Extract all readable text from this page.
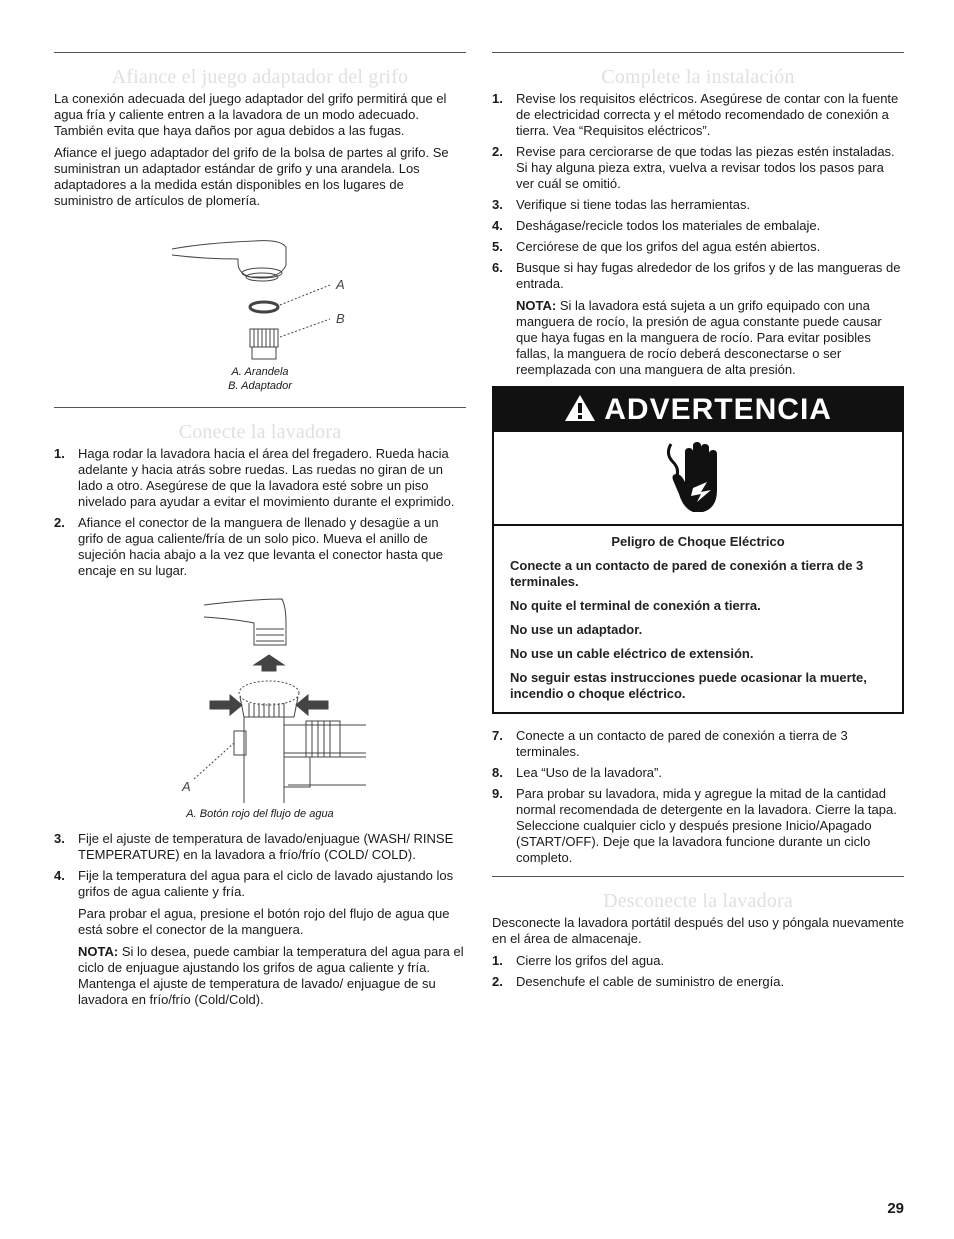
Afiance el juego adaptador del grifo

La conexión adecuada del juego adaptador del grifo permitirá que el agua fría y caliente entren a la lavadora de un modo adecuado. También evita que haya daños por agua debidos a las fugas.

Afiance el juego adaptador del grifo de la bolsa de partes al grifo. Se suministran un adaptador estándar de grifo y una arandela. Los adaptadores a la medida están disponibles en los lugares de suministro de artículos de plomería.

A
B

A. Arandela

B. Adaptador

Conecte la lavadora
1. Haga rodar la lavadora hacia el área del fregadero. Rueda hacia adelante y hacia atrás sobre ruedas. Las ruedas no giran de un lado a otro. Asegúrese de que la lavadora esté sobre un piso nivelado para ayudar a evitar el movimiento durante el exprimido.
2. Afiance el conector de la manguera de llenado y desagüe a un grifo de agua caliente/fría de un solo pico. Mueva el anillo de sujeción hacia abajo a la vez que levanta el conector hasta que encaje en su lugar.
A

A. Botón rojo del flujo de agua

3. Fije el ajuste de temperatura de lavado/enjuague (WASH/ RINSE TEMPERATURE) en la lavadora a frío/frío (COLD/ COLD).
4. Fije la temperatura del agua para el ciclo de lavado ajustando los grifos de agua caliente y fría.

Para probar el agua, presione el botón rojo del flujo de agua que está sobre el conector de la manguera.

NOTA: Si lo desea, puede cambiar la temperatura del agua para el ciclo de enjuague ajustando los grifos de agua caliente y fría. Mantenga el ajuste de temperatura de lavado/ enjuague de su lavadora en frío/frío (Cold/Cold).

Complete la instalación
1. Revise los requisitos eléctricos. Asegúrese de contar con la fuente de electricidad correcta y el método recomendado de conexión a tierra. Vea “Requisitos eléctricos”.
2. Revise para cerciorarse de que todas las piezas estén instaladas. Si hay alguna pieza extra, vuelva a revisar todos los pasos para ver cuál se omitió.
3. Verifique si tiene todas las herramientas.
4. Deshágase/recicle todos los materiales de embalaje.
5. Cerciórese de que los grifos del agua estén abiertos.
6. Busque si hay fugas alrededor de los grifos y de las mangueras de entrada.

NOTA: Si la lavadora está sujeta a un grifo equipado con una manguera de rocío, la presión de agua constante puede causar que haya fugas en la manguera de rocío. Para evitar posibles fallas, la manguera de rocío deberá desconectarse o ser reemplazada con una manguera de alta presión.

ADVERTENCIA

Peligro de Choque Eléctrico

Conecte a un contacto de pared de conexión a tierra de 3 terminales.

No quite el terminal de conexión a tierra.

No use un adaptador.

No use un cable eléctrico de extensión.

No seguir estas instrucciones puede ocasionar la muerte, incendio o choque eléctrico.

7. Conecte a un contacto de pared de conexión a tierra de 3 terminales.
8. Lea “Uso de la lavadora”.
9. Para probar su lavadora, mida y agregue la mitad de la cantidad normal recomendada de detergente en la lavadora. Cierre la tapa. Seleccione cualquier ciclo y después presione Inicio/Apagado (START/OFF). Deje que la lavadora funcione durante un ciclo completo.
Desconecte la lavadora

Desconecte la lavadora portátil después del uso y póngala nuevamente en el área de almacenaje.

1. Cierre los grifos del agua.
2. Desenchufe el cable de suministro de energía.
29
